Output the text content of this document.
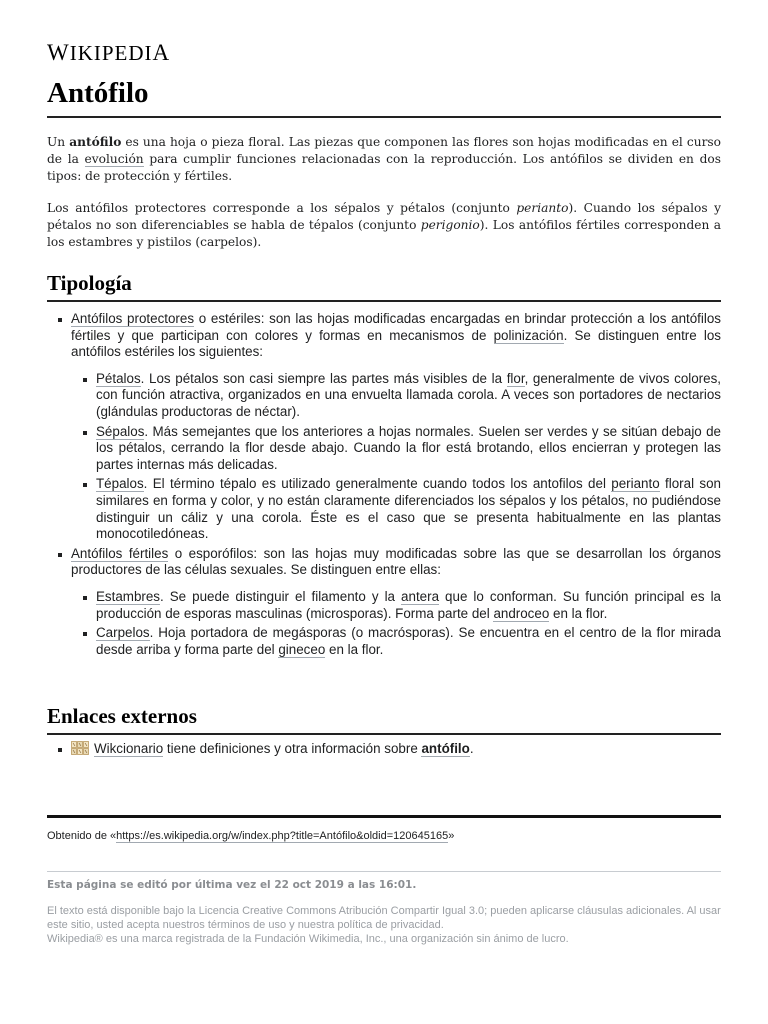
WIKIPEDIA
Antófilo

Un antófilo es una hoja o pieza floral. Las piezas que componen las flores son hojas modificadas en el curso de la evolución para cumplir funciones relacionadas con la reproducción. Los antófilos se dividen en dos tipos: de protección y fértiles.

Los antófilos protectores corresponde a los sépalos y pétalos (conjunto perianto). Cuando los sépalos y pétalos no son diferenciables se habla de tépalos (conjunto perigonio). Los antófilos fértiles corresponden a los estambres y pistilos (carpelos).

Tipología
Antófilos protectores o estériles: son las hojas modificadas encargadas en brindar protección a los antófilos fértiles y que participan con colores y formas en mecanismos de polinización. Se distinguen entre los antófilos estériles los siguientes:
Pétalos. Los pétalos son casi siempre las partes más visibles de la flor, generalmente de vivos colores, con función atractiva, organizados en una envuelta llamada corola. A veces son portadores de nectarios (glándulas productoras de néctar).
Sépalos. Más semejantes que los anteriores a hojas normales. Suelen ser verdes y se sitúan debajo de los pétalos, cerrando la flor desde abajo. Cuando la flor está brotando, ellos encierran y protegen las partes internas más delicadas.
Tépalos. El término tépalo es utilizado generalmente cuando todos los antofilos del perianto floral son similares en forma y color, y no están claramente diferenciados los sépalos y los pétalos, no pudiéndose distinguir un cáliz y una corola. Éste es el caso que se presenta habitualmente en las plantas monocotiledóneas.
Antófilos fértiles o esporófilos: son las hojas muy modificadas sobre las que se desarrollan los órganos productores de las células sexuales. Se distinguen entre ellas:
Estambres. Se puede distinguir el filamento y la antera que lo conforman. Su función principal es la producción de esporas masculinas (microsporas). Forma parte del androceo en la flor.
Carpelos. Hoja portadora de megásporas (o macrósporas). Se encuentra en el centro de la flor mirada desde arriba y forma parte del gineceo en la flor.
Enlaces externos
Wikcionario tiene definiciones y otra información sobre antófilo.
Obtenido de «https://es.wikipedia.org/w/index.php?title=Antófilo&oldid=120645165»
Esta página se editó por última vez el 22 oct 2019 a las 16:01.

El texto está disponible bajo la Licencia Creative Commons Atribución Compartir Igual 3.0; pueden aplicarse cláusulas adicionales. Al usar este sitio, usted acepta nuestros términos de uso y nuestra política de privacidad.

Wikipedia® es una marca registrada de la Fundación Wikimedia, Inc., una organización sin ánimo de lucro.
